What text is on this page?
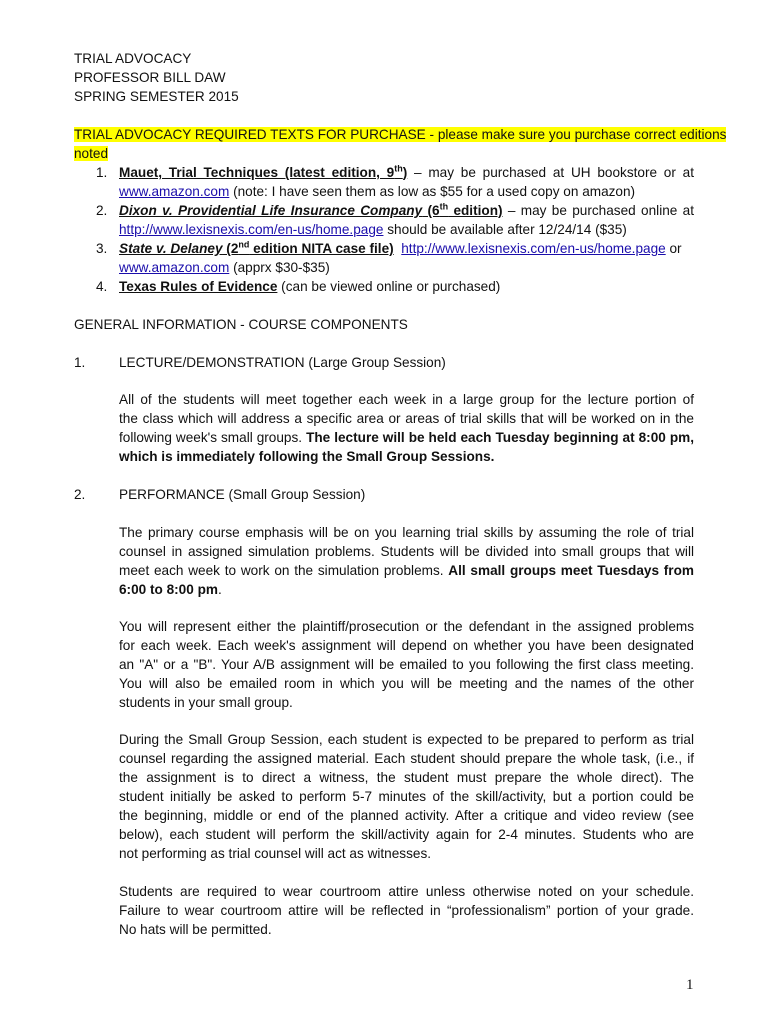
TRIAL ADVOCACY
PROFESSOR BILL DAW
SPRING SEMESTER 2015
TRIAL ADVOCACY REQUIRED TEXTS FOR PURCHASE - please make sure you purchase correct editions
noted
1. Mauet, Trial Techniques (latest edition, 9th) – may be purchased at UH bookstore or at
www.amazon.com (note: I have seen them as low as $55 for a used copy on amazon)
2. Dixon v. Providential Life Insurance Company (6th edition) – may be purchased online at
http://www.lexisnexis.com/en-us/home.page should be available after 12/24/14 ($35)
3. State v. Delaney (2nd edition NITA case file) http://www.lexisnexis.com/en-us/home.page or
www.amazon.com (apprx $30-$35)
4. Texas Rules of Evidence (can be viewed online or purchased)
GENERAL INFORMATION - COURSE COMPONENTS
1. LECTURE/DEMONSTRATION (Large Group Session)
All of the students will meet together each week in a large group for the lecture portion of
the class which will address a specific area or areas of trial skills that will be worked on in the
following week's small groups. The lecture will be held each Tuesday beginning at 8:00 pm,
which is immediately following the Small Group Sessions.
2. PERFORMANCE (Small Group Session)
The primary course emphasis will be on you learning trial skills by assuming the role of trial
counsel in assigned simulation problems. Students will be divided into small groups that will
meet each week to work on the simulation problems. All small groups meet Tuesdays from
6:00 to 8:00 pm.
You will represent either the plaintiff/prosecution or the defendant in the assigned problems
for each week. Each week's assignment will depend on whether you have been designated
an "A" or a "B". Your A/B assignment will be emailed to you following the first class meeting.
You will also be emailed room in which you will be meeting and the names of the other
students in your small group.
During the Small Group Session, each student is expected to be prepared to perform as trial
counsel regarding the assigned material. Each student should prepare the whole task, (i.e., if
the assignment is to direct a witness, the student must prepare the whole direct). The
student initially be asked to perform 5-7 minutes of the skill/activity, but a portion could be
the beginning, middle or end of the planned activity. After a critique and video review (see
below), each student will perform the skill/activity again for 2-4 minutes. Students who are
not performing as trial counsel will act as witnesses.
Students are required to wear courtroom attire unless otherwise noted on your schedule.
Failure to wear courtroom attire will be reflected in “professionalism” portion of your grade.
No hats will be permitted.
1
